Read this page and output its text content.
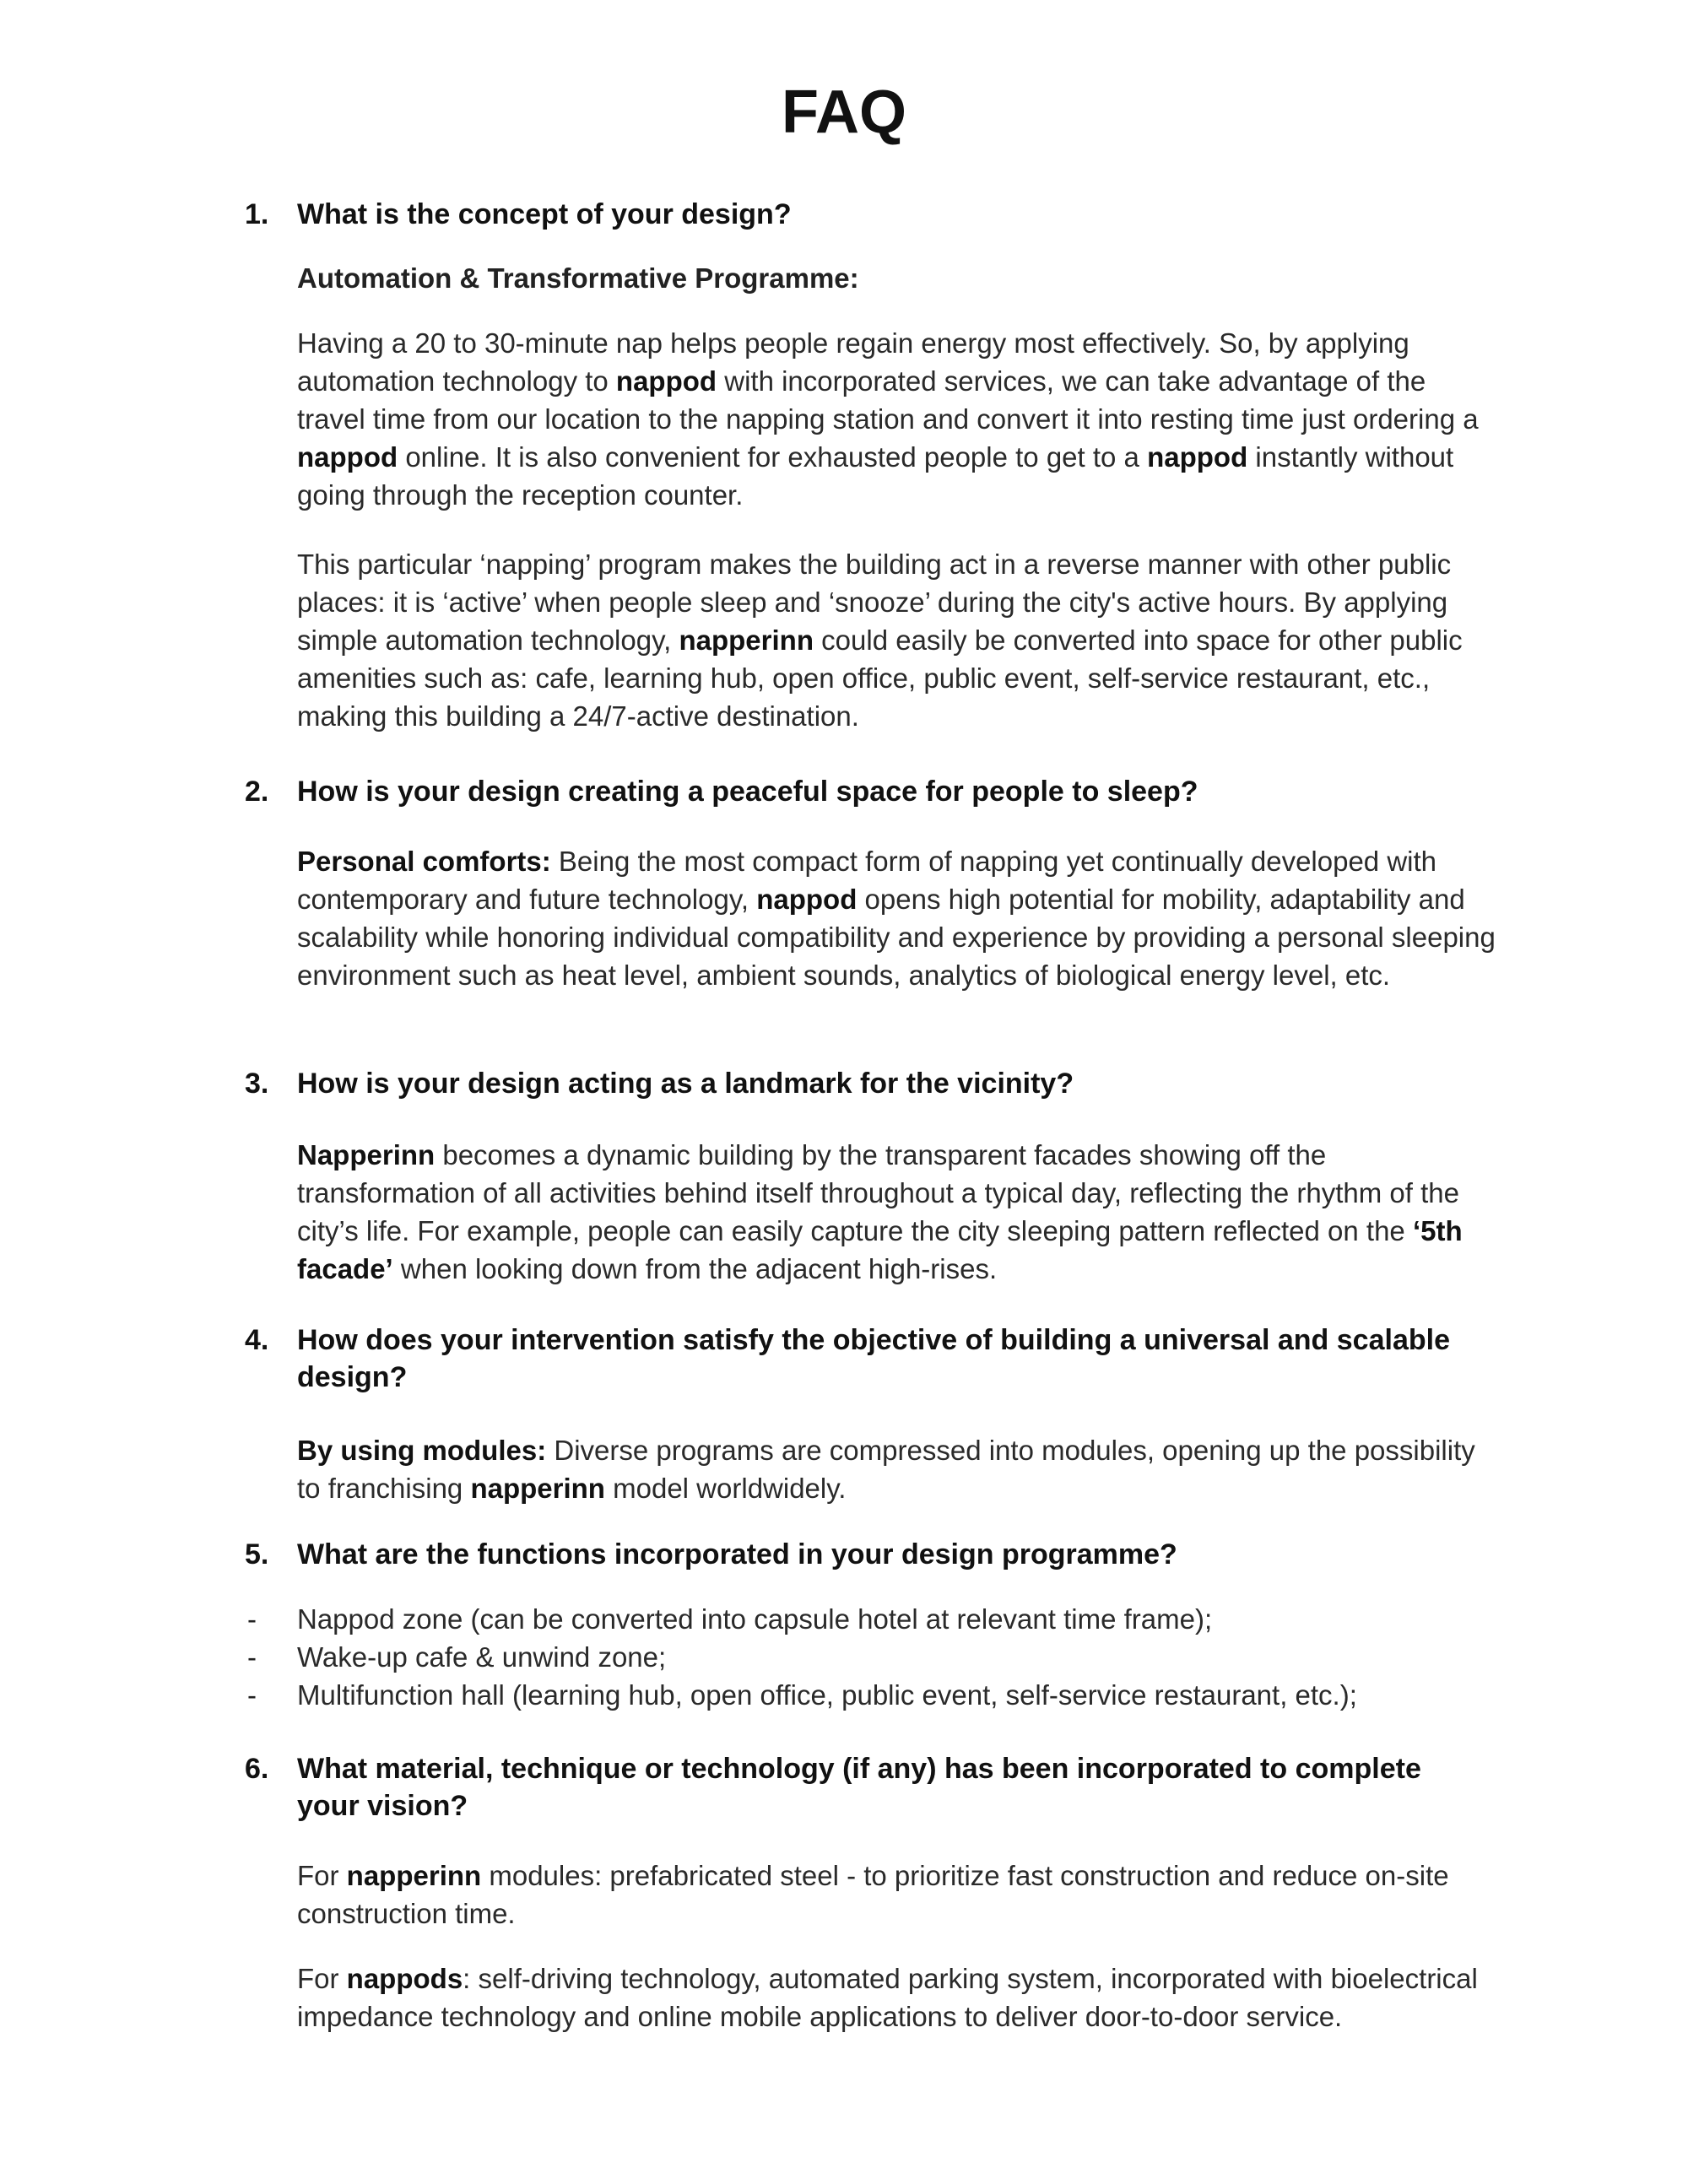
FAQ
1. What is the concept of your design?
Automation & Transformative Programme:
Having a 20 to 30-minute nap helps people regain energy most effectively. So, by applying automation technology to nappod with incorporated services, we can take advantage of the travel time from our location to the napping station and convert it into resting time just ordering a nappod online. It is also convenient for exhausted people to get to a nappod instantly without going through the reception counter.
This particular ‘napping’ program makes the building act in a reverse manner with other public places: it is ‘active’ when people sleep and ‘snooze’ during the city's active hours. By applying simple automation technology, napperinn could easily be converted into space for other public amenities such as: cafe, learning hub, open office, public event, self-service restaurant, etc., making this building a 24/7-active destination.
2. How is your design creating a peaceful space for people to sleep?
Personal comforts: Being the most compact form of napping yet continually developed with contemporary and future technology, nappod opens high potential for mobility, adaptability and scalability while honoring individual compatibility and experience by providing a personal sleeping environment such as heat level, ambient sounds, analytics of biological energy level, etc.
3. How is your design acting as a landmark for the vicinity?
Napperinn becomes a dynamic building by the transparent facades showing off the transformation of all activities behind itself throughout a typical day, reflecting the rhythm of the city’s life. For example, people can easily capture the city sleeping pattern reflected on the ‘5th facade’ when looking down from the adjacent high-rises.
4. How does your intervention satisfy the objective of building a universal and scalable design?
By using modules: Diverse programs are compressed into modules, opening up the possibility to franchising napperinn model worldwidely.
5. What are the functions incorporated in your design programme?
- Nappod zone (can be converted into capsule hotel at relevant time frame);
- Wake-up cafe & unwind zone;
- Multifunction hall (learning hub, open office, public event, self-service restaurant, etc.);
6. What material, technique or technology (if any) has been incorporated to complete your vision?
For napperinn modules: prefabricated steel - to prioritize fast construction and reduce on-site construction time.
For nappods: self-driving technology, automated parking system, incorporated with bioelectrical impedance technology and online mobile applications to deliver door-to-door service.
